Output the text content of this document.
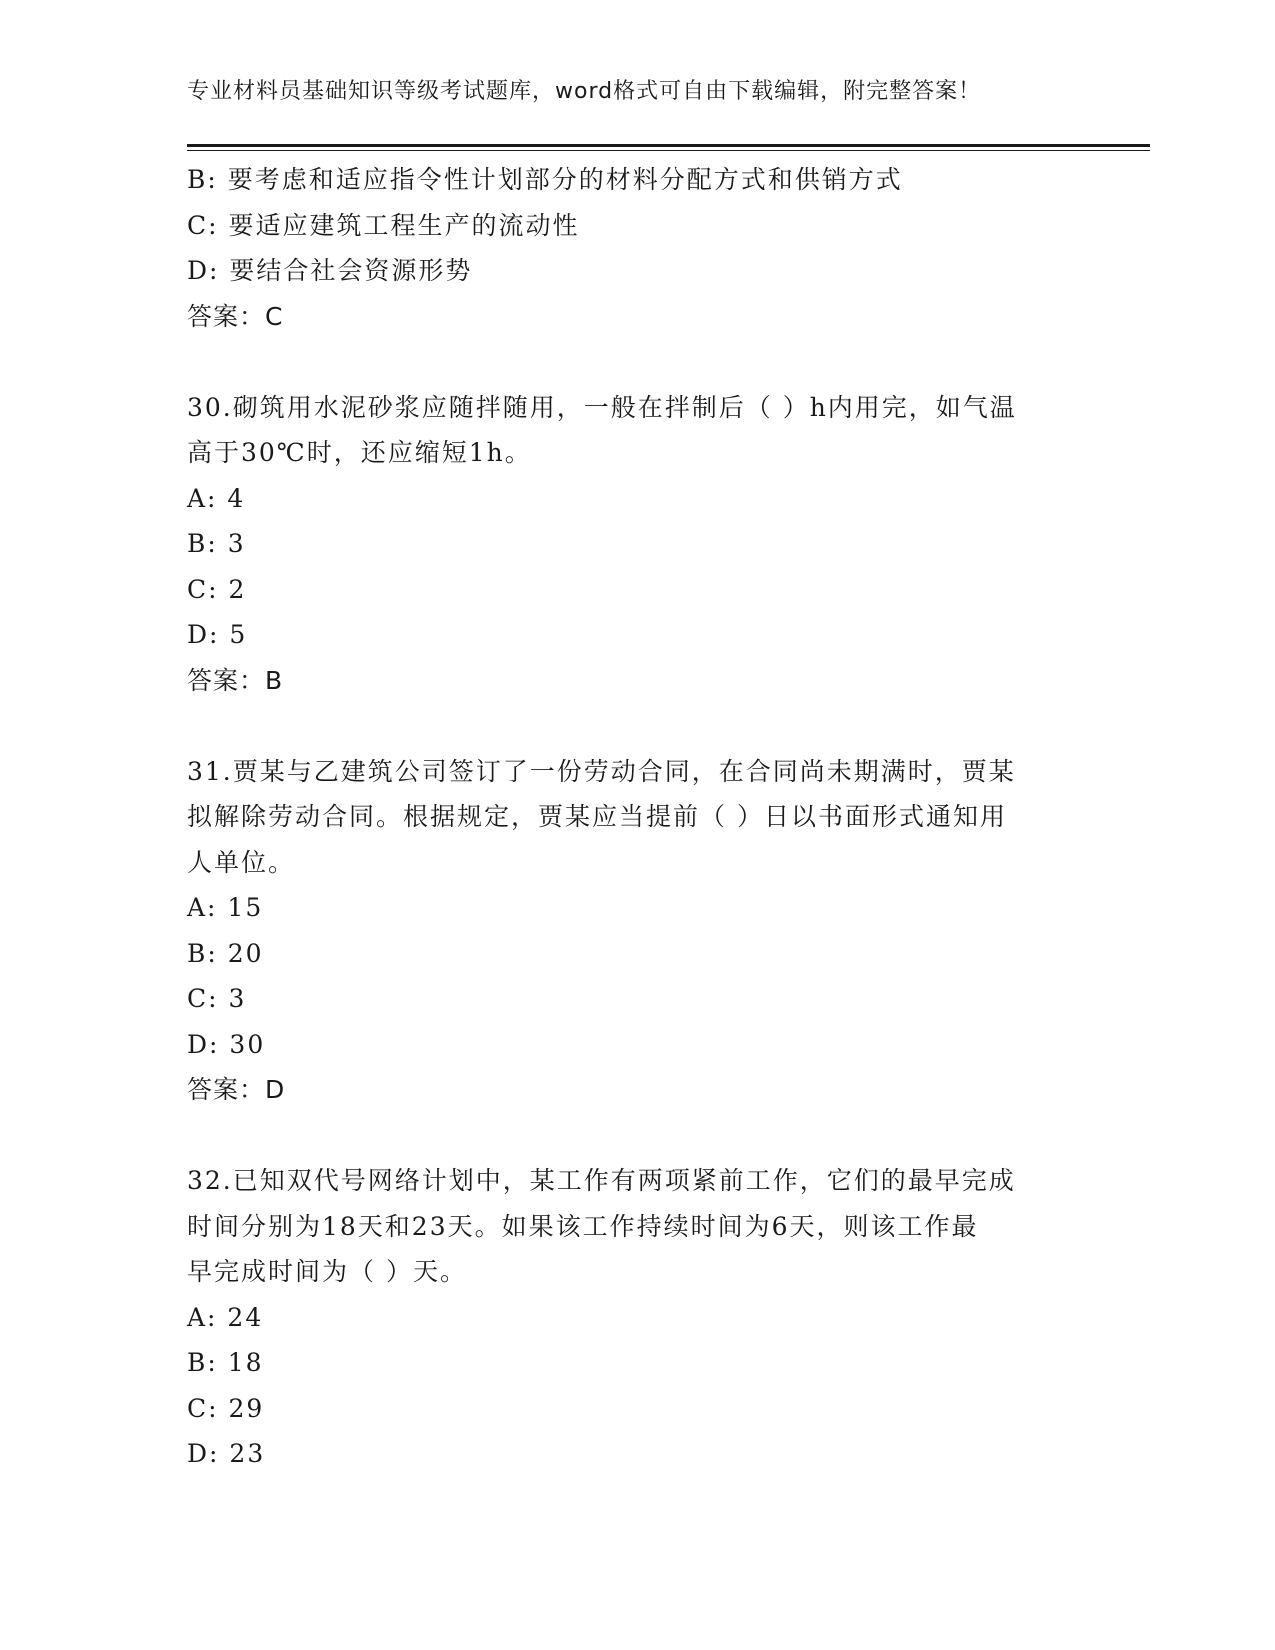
专业材料员基础知识等级考试题库，word格式可自由下载编辑，附完整答案！
B: 要考虑和适应指令性计划部分的材料分配方式和供销方式
C: 要适应建筑工程生产的流动性
D: 要结合社会资源形势
答案：C
30.砌筑用水泥砂浆应随拌随用，一般在拌制后（ ）h内用完，如气温
高于30℃时，还应缩短1h。
A: 4
B: 3
C: 2
D: 5
答案：B
31.贾某与乙建筑公司签订了一份劳动合同，在合同尚未期满时，贾某
拟解除劳动合同。根据规定，贾某应当提前（ ）日以书面形式通知用
人单位。
A: 15
B: 20
C: 3
D: 30
答案：D
32.已知双代号网络计划中，某工作有两项紧前工作，它们的最早完成
时间分别为18天和23天。如果该工作持续时间为6天，则该工作最
早完成时间为（ ）天。
A: 24
B: 18
C: 29
D: 23
